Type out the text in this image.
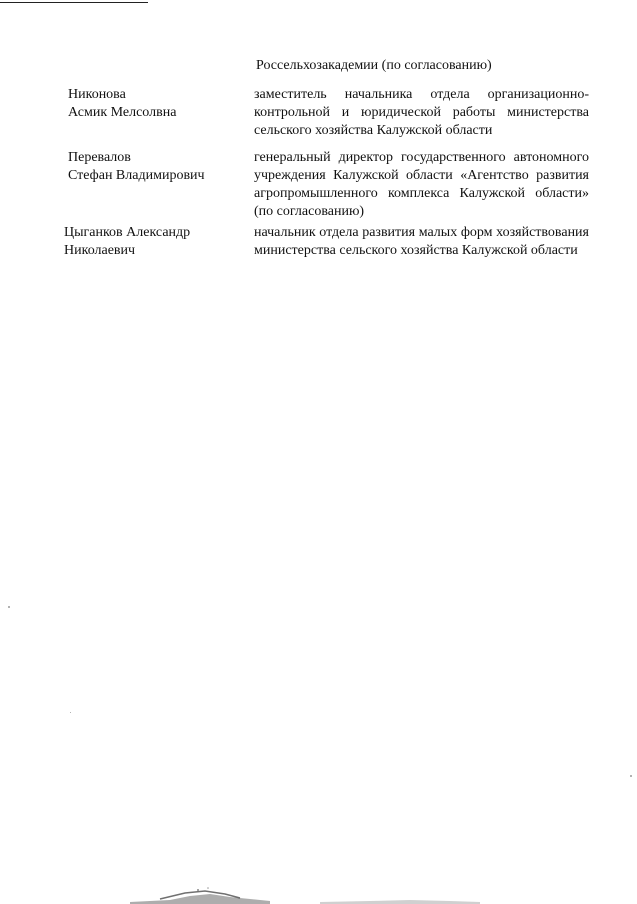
Россельхозакадемии (по согласованию)
Никонова
Асмик Мелсолвна
заместитель начальника отдела организационно-
контрольной и юридической работы министерства
сельского хозяйства Калужской области
Перевалов
Стефан Владимирович
генеральный директор государственного автономного
учреждения Калужской области «Агентство развития
агропромышленного комплекса Калужской области»
(по согласованию)
Цыганков Александр
Николаевич
начальник отдела развития малых форм хозяйствования
министерства сельского хозяйства Калужской области
